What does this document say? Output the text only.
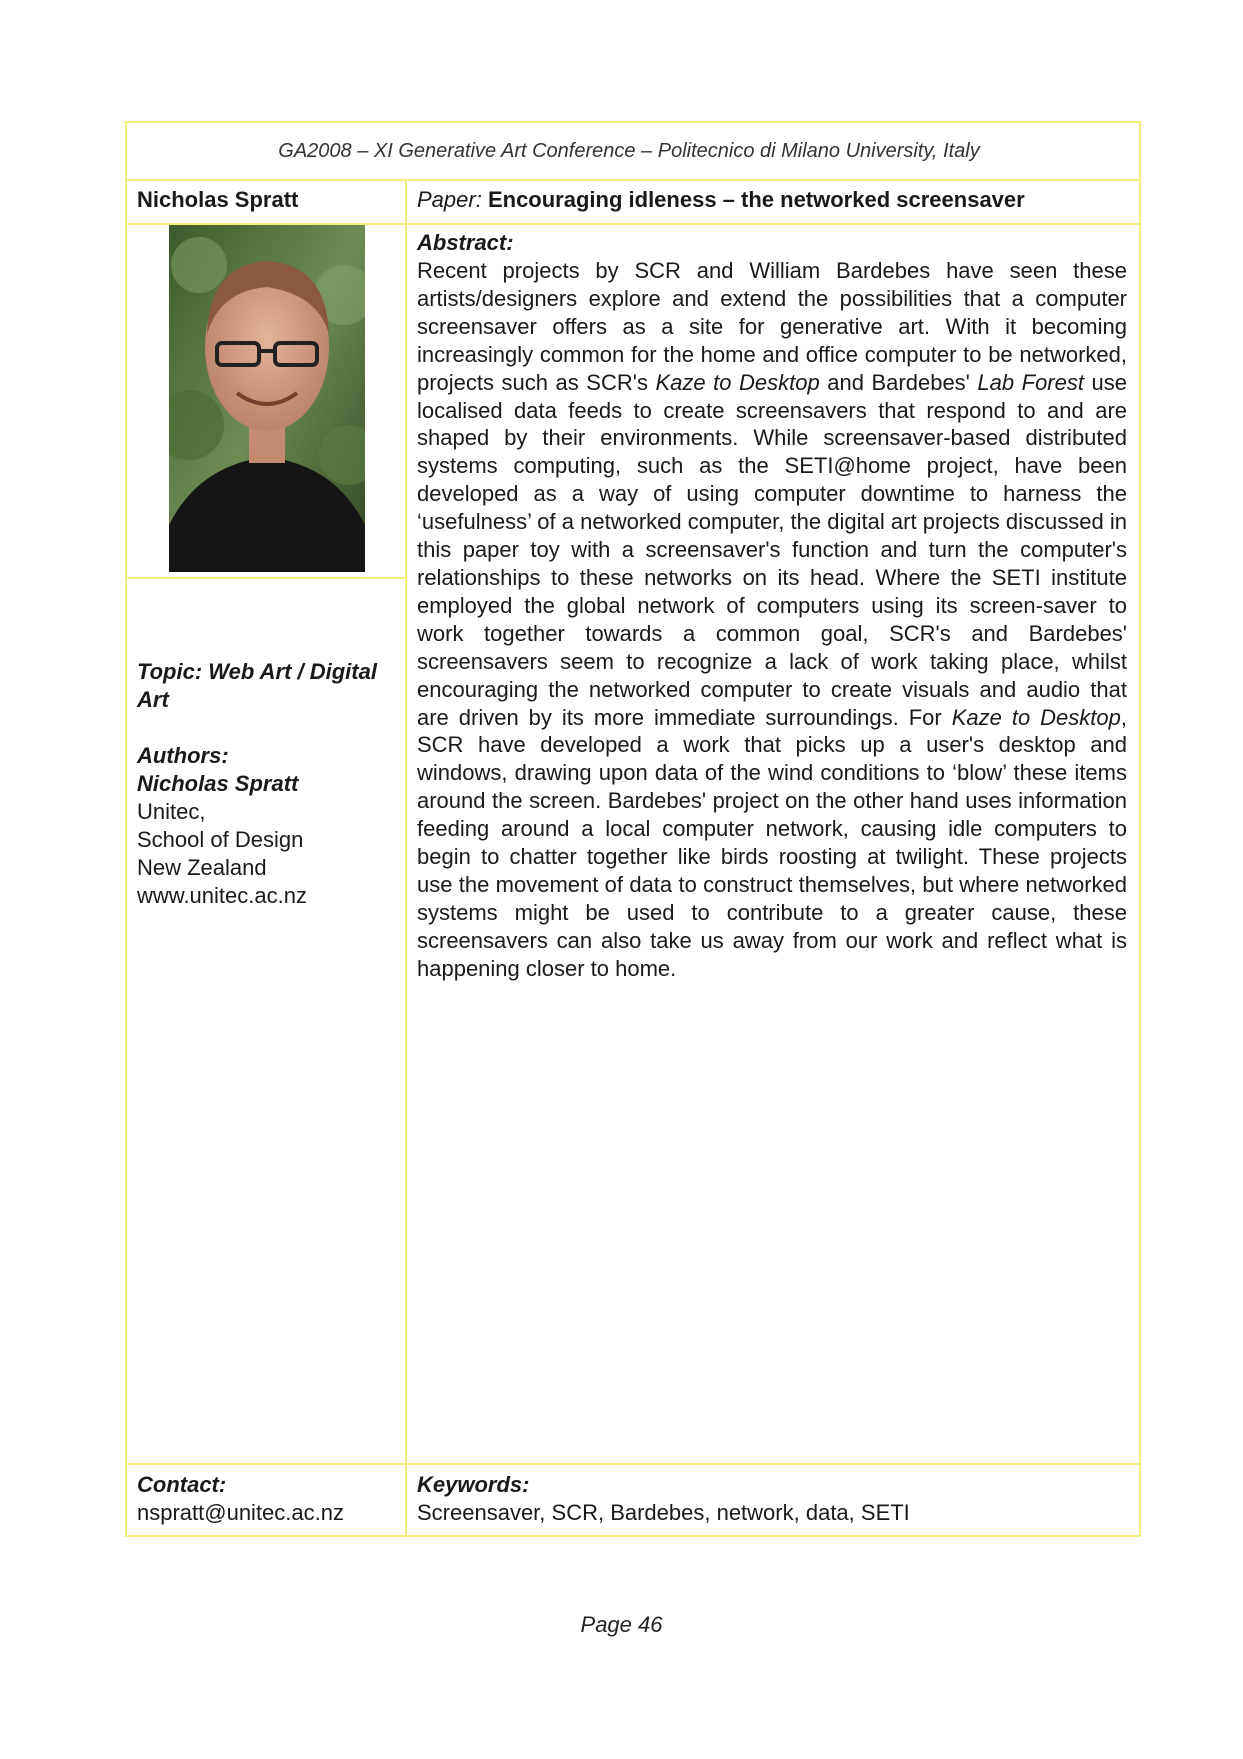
GA2008 – XI Generative Art Conference – Politecnico di Milano University, Italy
Nicholas Spratt	Paper: Encouraging idleness – the networked screensaver
Topic: Web Art / Digital Art
Authors:
Nicholas Spratt
Unitec,
School of Design
New Zealand
www.unitec.ac.nz
Abstract:
Recent projects by SCR and William Bardebes have seen these artists/designers explore and extend the possibilities that a computer screensaver offers as a site for generative art. With it becoming increasingly common for the home and office computer to be networked, projects such as SCR's Kaze to Desktop and Bardebes' Lab Forest use localised data feeds to create screensavers that respond to and are shaped by their environments. While screensaver-based distributed systems computing, such as the SETI@home project, have been developed as a way of using computer downtime to harness the ‘usefulness’ of a networked computer, the digital art projects discussed in this paper toy with a screensaver's function and turn the computer's relationships to these networks on its head. Where the SETI institute employed the global network of computers using its screen-saver to work together towards a common goal, SCR's and Bardebes' screensavers seem to recognize a lack of work taking place, whilst encouraging the networked computer to create visuals and audio that are driven by its more immediate surroundings. For Kaze to Desktop, SCR have developed a work that picks up a user's desktop and windows, drawing upon data of the wind conditions to ‘blow’ these items around the screen. Bardebes' project on the other hand uses information feeding around a local computer network, causing idle computers to begin to chatter together like birds roosting at twilight. These projects use the movement of data to construct themselves, but where networked systems might be used to contribute to a greater cause, these screensavers can also take us away from our work and reflect what is happening closer to home.
Contact:
nspratt@unitec.ac.nz
Keywords:
Screensaver, SCR, Bardebes, network, data, SETI
Page 46
